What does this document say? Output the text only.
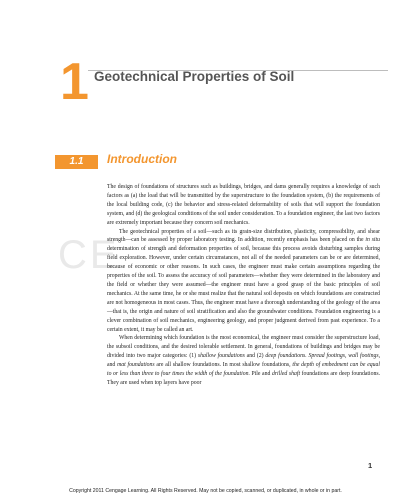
1 Geotechnical Properties of Soil
1.1	Introduction
CE

The design of foundations of structures such as buildings, bridges, and dams generally requires a knowledge of such factors as (a) the load that will be transmitted by the superstructure to the foundation system, (b) the requirements of the local building code, (c) the behavior and stress-related deformability of soils that will support the foundation system, and (d) the geological conditions of the soil under consideration. To a foundation engineer, the last two factors are extremely important because they concern soil mechanics.

The geotechnical properties of a soil—such as its grain-size distribution, plasticity, compressibility, and shear strength—can be assessed by proper laboratory testing. In addition, recently emphasis has been placed on the in situ determination of strength and deformation properties of soil, because this process avoids disturbing samples during field exploration. However, under certain circumstances, not all of the needed parameters can be or are determined, because of economic or other reasons. In such cases, the engineer must make certain assumptions regarding the properties of the soil. To assess the accuracy of soil parameters—whether they were determined in the laboratory and the field or whether they were assumed—the engineer must have a good grasp of the basic principles of soil mechanics. At the same time, he or she must realize that the natural soil deposits on which foundations are constructed are not homogeneous in most cases. Thus, the engineer must have a thorough understanding of the geology of the area—that is, the origin and nature of soil stratification and also the groundwater conditions. Foundation engineering is a clever combination of soil mechanics, engineering geology, and proper judgment derived from past experience. To a certain extent, it may be called an art.

When determining which foundation is the most economical, the engineer must consider the superstructure load, the subsoil conditions, and the desired tolerable settlement. In general, foundations of buildings and bridges may be divided into two major categories: (1) shallow foundations and (2) deep foundations. Spread footings, wall footings, and mat foundations are all shallow foundations. In most shallow foundations, the depth of embedment can be equal to or less than three to four times the width of the foundation. Pile and drilled shaft foundations are deep foundations. They are used when top layers have poor

1
Copyright 2011 Cengage Learning. All Rights Reserved. May not be copied, scanned, or duplicated, in whole or in part.
